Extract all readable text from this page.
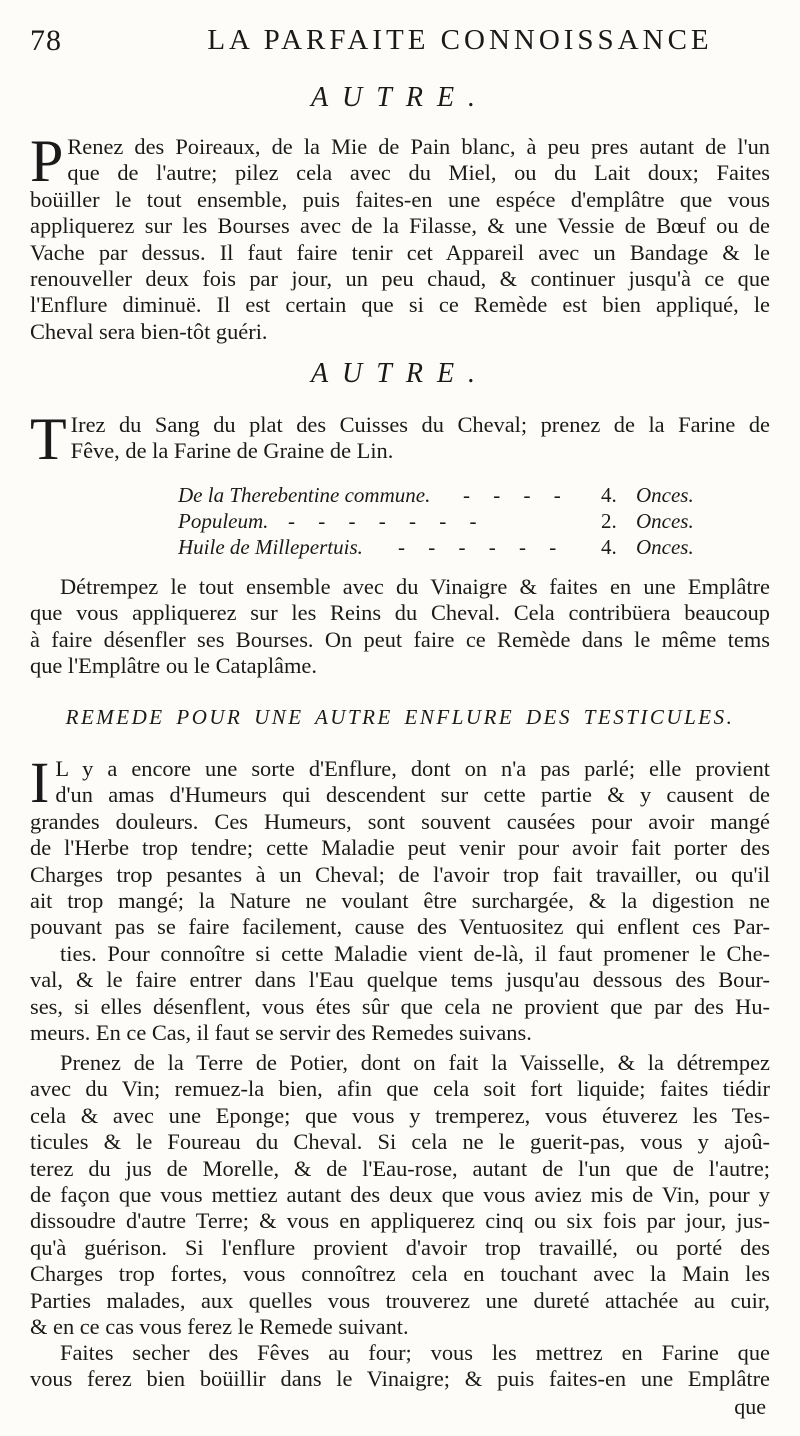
78	LA PARFAITE CONNOISSANCE
AUTRE.
P Renez des Poireaux, de la Mie de Pain blanc, à peu pres autant de l'un
que de l'autre; pilez cela avec du Miel, ou du Lait doux; Faites
boüiller le tout ensemble, puis faites-en une espéce d'emplâtre que vous
appliquerez sur les Bourses avec de la Filasse, & une Vessie de Bœuf ou de
Vache par dessus. Il faut faire tenir cet Appareil avec un Bandage & le
renouveller deux fois par jour, un peu chaud, & continuer jusqu'à ce que
l'Enflure diminuë. Il est certain que si ce Remède est bien appliqué, le
Cheval sera bien-tôt guéri.
AUTRE.
T Irez du Sang du plat des Cuisses du Cheval; prenez de la Farine de
Fêve, de la Farine de Graine de Lin.
De la Therebentine commune. - - - - 4. Onces.
Populeum. - - - - - - -	2. Onces.
Huile de Millepertuis. - - - - - - 4. Onces.
Détrempez le tout ensemble avec du Vinaigre & faites en une Emplâtre
que vous appliquerez sur les Reins du Cheval. Cela contribüera beaucoup
à faire désenfler ses Bourses. On peut faire ce Remède dans le même tems
que l'Emplâtre ou le Cataplâme.
REMEDE POUR UNE AUTRE ENFLURE DES TESTICULES.
I L y a encore une sorte d'Enflure, dont on n'a pas parlé; elle provient
d'un amas d'Humeurs qui descendent sur cette partie & y causent de
grandes douleurs. Ces Humeurs, sont souvent causées pour avoir mangé
de l'Herbe trop tendre; cette Maladie peut venir pour avoir fait porter des
Charges trop pesantes à un Cheval; de l'avoir trop fait travailler, ou qu'il
ait trop mangé; la Nature ne voulant être surchargée, & la digestion ne
pouvant pas se faire facilement, cause des Ventuositez qui enflent ces Par-
ties. Pour connoître si cette Maladie vient de-là, il faut promener le Che-
val, & le faire entrer dans l'Eau quelque tems jusqu'au dessous des Bour-
ses, si elles désenflent, vous étes sûr que cela ne provient que par des Hu-
meurs. En ce Cas, il faut se servir des Remedes suivans.
Prenez de la Terre de Potier, dont on fait la Vaisselle, & la détrempez
avec du Vin; remuez-la bien, afin que cela soit fort liquide; faites tiédir
cela & avec une Eponge; que vous y tremperez, vous étuverez les Tes-
ticules & le Foureau du Cheval. Si cela ne le guerit-pas, vous y ajoû-
terez du jus de Morelle, & de l'Eau-rose, autant de l'un que de l'autre;
de façon que vous mettiez autant des deux que vous aviez mis de Vin, pour y
dissoudre d'autre Terre; & vous en appliquerez cinq ou six fois par jour, jus-
qu'à guérison. Si l'enflure provient d'avoir trop travaillé, ou porté des
Charges trop fortes, vous connoîtrez cela en touchant avec la Main les
Parties malades, aux quelles vous trouverez une dureté attachée au cuir,
& en ce cas vous ferez le Remede suivant.
Faites secher des Fêves au four; vous les mettrez en Farine que
vous ferez bien boüillir dans le Vinaigre; & puis faites-en une Emplâtre
que
